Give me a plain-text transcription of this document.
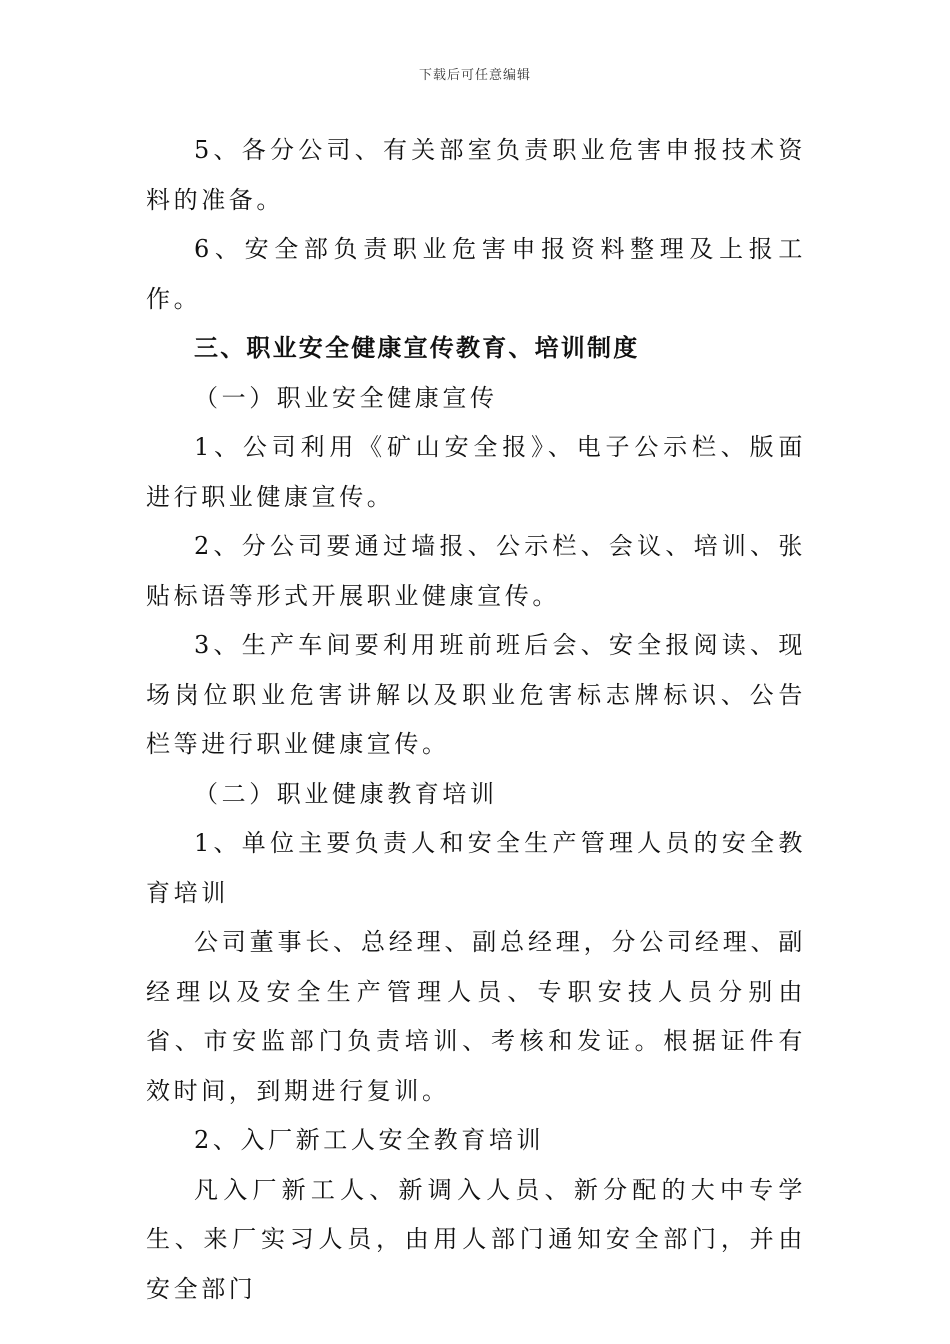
下载后可任意编辑

5、各分公司、有关部室负责职业危害申报技术资料的准备。

6、安全部负责职业危害申报资料整理及上报工作。

三、职业安全健康宣传教育、培训制度

（一）职业安全健康宣传

1、公司利用《矿山安全报》、电子公示栏、版面进行职业健康宣传。

2、分公司要通过墙报、公示栏、会议、培训、张贴标语等形式开展职业健康宣传。

3、生产车间要利用班前班后会、安全报阅读、现场岗位职业危害讲解以及职业危害标志牌标识、公告栏等进行职业健康宣传。

（二）职业健康教育培训

1、单位主要负责人和安全生产管理人员的安全教育培训

公司董事长、总经理、副总经理，分公司经理、副经理以及安全生产管理人员、专职安技人员分别由省、市安监部门负责培训、考核和发证。根据证件有效时间，到期进行复训。

2、入厂新工人安全教育培训

凡入厂新工人、新调入人员、新分配的大中专学生、来厂实习人员，由用人部门通知安全部门，并由安全部门
